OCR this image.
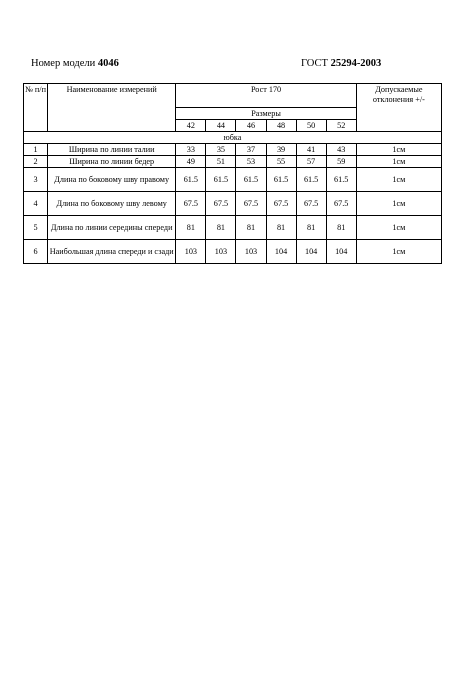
Номер модели 4046	ГОСТ 25294-2003
№ п/п	Наименование измерений	Рост 170						Допускаемые отклонения +/-
		Размеры						
		42	44	46	48	50	52	
юбка								
1	Ширина по линии талии	33	35	37	39	41	43	1см
2	Ширина по линии бедер	49	51	53	55	57	59	1см
3	Длина по боковому шву правому	61.5	61.5	61.5	61.5	61.5	61.5	1см
4	Длина по боковому шву левому	67.5	67.5	67.5	67.5	67.5	67.5	1см
5	Длина по линии середины спереди	81	81	81	81	81	81	1см
6	Наибольшая длина спереди и сзади	103	103	103	104	104	104	1см
